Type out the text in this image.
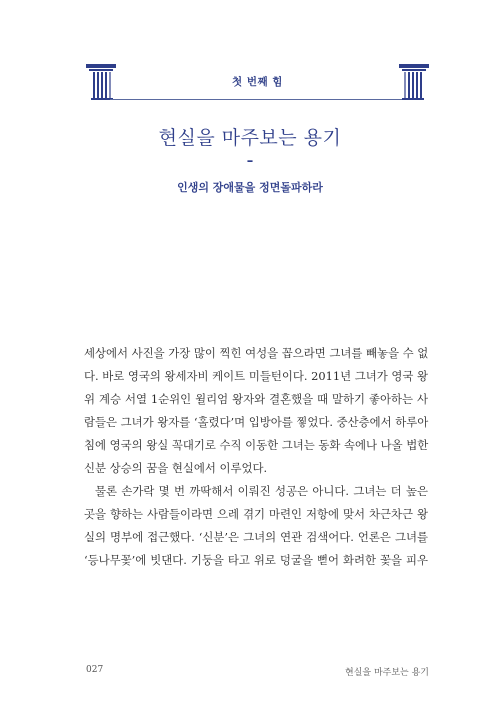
첫 번째 힘
현실을 마주보는 용기
–
인생의 장애물을 정면돌파하라
세상에서 사진을 가장 많이 찍힌 여성을 꼽으라면 그녀를 빼놓을 수 없
다. 바로 영국의 왕세자비 케이트 미들턴이다. 2011년 그녀가 영국 왕
위 계승 서열 1순위인 윌리엄 왕자와 결혼했을 때 말하기 좋아하는 사
람들은 그녀가 왕자를 ‘홀렸다’며 입방아를 찧었다. 중산층에서 하루아
침에 영국의 왕실 꼭대기로 수직 이동한 그녀는 동화 속에나 나올 법한
신분 상승의 꿈을 현실에서 이루었다.
물론 손가락 몇 번 까딱해서 이뤄진 성공은 아니다. 그녀는 더 높은
곳을 향하는 사람들이라면 으레 겪기 마련인 저항에 맞서 차근차근 왕
실의 명부에 접근했다. ‘신분’은 그녀의 연관 검색어다. 언론은 그녀를
‘등나무꽃’에 빗댄다. 기둥을 타고 위로 덩굴을 뻗어 화려한 꽃을 피우
027	현실을 마주보는 용기
